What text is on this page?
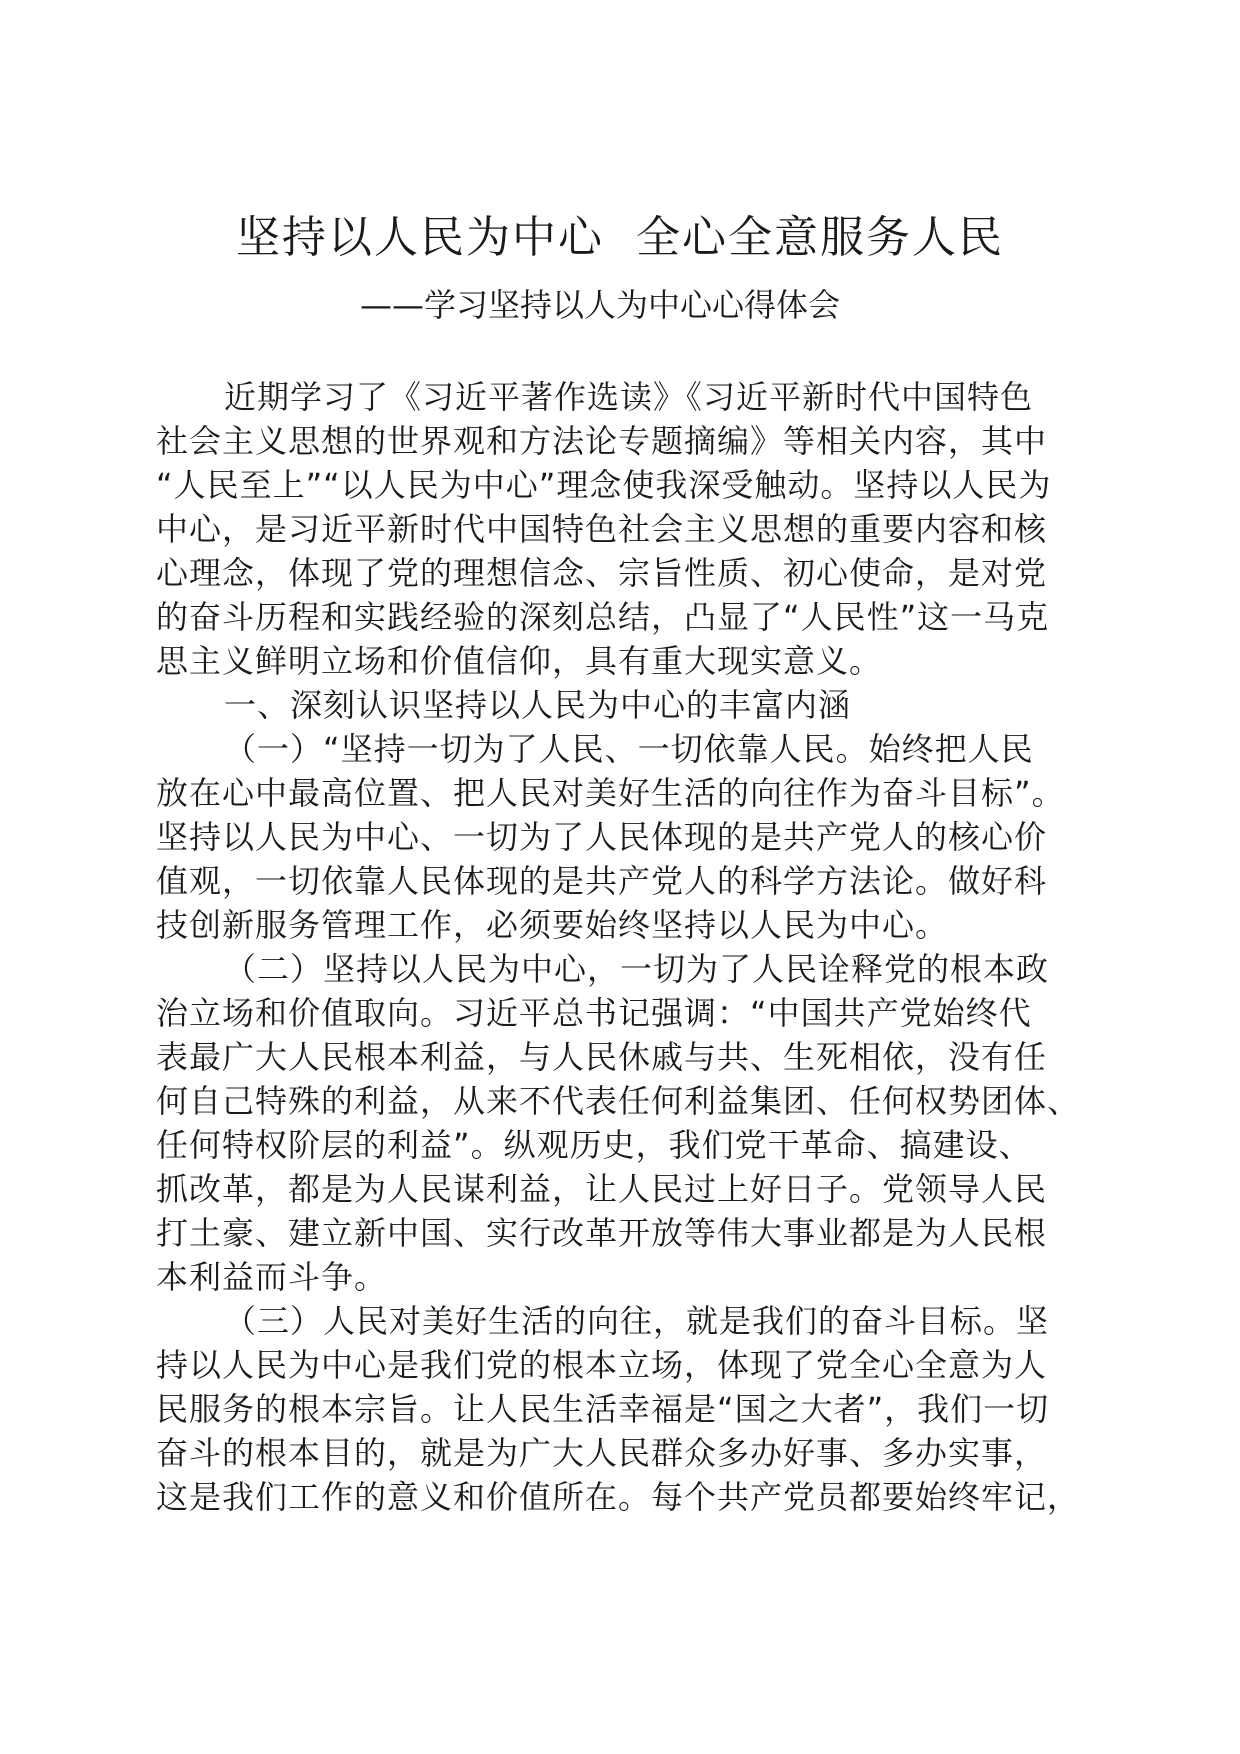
坚持以人民为中心  全心全意服务人民
——学习坚持以人为中心心得体会
近期学习了《习近平著作选读》《习近平新时代中国特色
社会主义思想的世界观和方法论专题摘编》等相关内容，其中
“人民至上”“以人民为中心”理念使我深受触动。坚持以人民为
中心，是习近平新时代中国特色社会主义思想的重要内容和核
心理念，体现了党的理想信念、宗旨性质、初心使命，是对党
的奋斗历程和实践经验的深刻总结，凸显了“人民性”这一马克
思主义鲜明立场和价值信仰，具有重大现实意义。
一、深刻认识坚持以人民为中心的丰富内涵
（一）“坚持一切为了人民、一切依靠人民。始终把人民
放在心中最高位置、把人民对美好生活的向往作为奋斗目标”。
坚持以人民为中心、一切为了人民体现的是共产党人的核心价
值观，一切依靠人民体现的是共产党人的科学方法论。做好科
技创新服务管理工作，必须要始终坚持以人民为中心。
（二）坚持以人民为中心，一切为了人民诠释党的根本政
治立场和价值取向。习近平总书记强调：“中国共产党始终代
表最广大人民根本利益，与人民休戚与共、生死相依，没有任
何自己特殊的利益，从来不代表任何利益集团、任何权势团体、
任何特权阶层的利益”。纵观历史，我们党干革命、搞建设、
抓改革，都是为人民谋利益，让人民过上好日子。党领导人民
打土豪、建立新中国、实行改革开放等伟大事业都是为人民根
本利益而斗争。
（三）人民对美好生活的向往，就是我们的奋斗目标。坚
持以人民为中心是我们党的根本立场，体现了党全心全意为人
民服务的根本宗旨。让人民生活幸福是“国之大者”，我们一切
奋斗的根本目的，就是为广大人民群众多办好事、多办实事，
这是我们工作的意义和价值所在。每个共产党员都要始终牢记，
